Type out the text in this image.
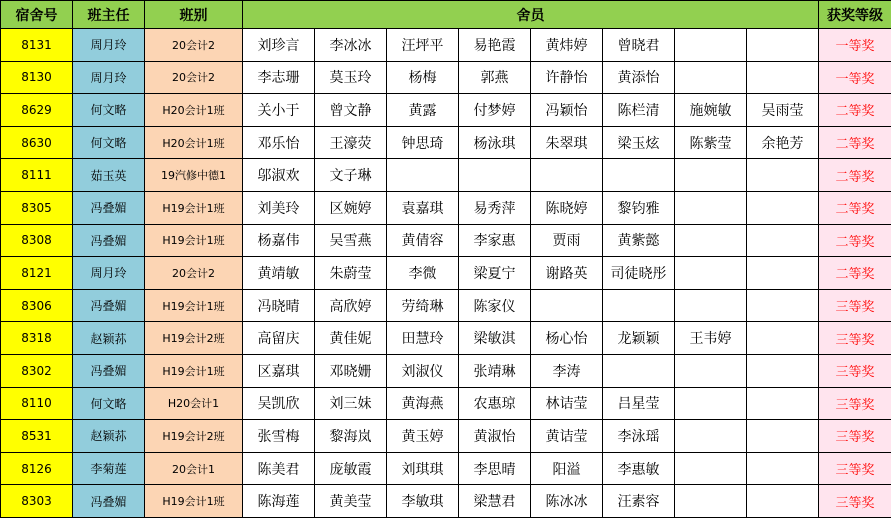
宿舍号	班主任	班别	舍员								获奖等级
8131	周月玲	20会计2	刘珍言	李冰冰	汪坪平	易艳霞	黄炜婷	曾晓君			一等奖
8130	周月玲	20会计2	李志珊	莫玉玲	杨梅	郭燕	许静怡	黄添怡			一等奖
8629	何文略	H20会计1班	关小于	曾文静	黄露	付梦婷	冯颖怡	陈栏清	施婉敏	吴雨莹	二等奖
8630	何文略	H20会计1班	邓乐怡	王濠荧	钟思琦	杨泳琪	朱翠琪	梁玉炫	陈紫莹	余艳芳	二等奖
8111	茹玉英	19汽修中德1	邬淑欢	文子琳							二等奖
8305	冯叠媚	H19会计1班	刘美玲	区婉婷	袁嘉琪	易秀萍	陈晓婷	黎钧雅			二等奖
8308	冯叠媚	H19会计1班	杨嘉伟	吴雪燕	黄倩容	李家惠	贾雨	黄紫懿			二等奖
8121	周月玲	20会计2	黄靖敏	朱蔚莹	李微	梁夏宁	谢路英	司徒晓彤			二等奖
8306	冯叠媚	H19会计1班	冯晓晴	高欣婷	劳绮琳	陈家仪					三等奖
8318	赵颖荪	H19会计2班	高留庆	黄佳妮	田慧玲	梁敏淇	杨心怡	龙颖颖	王韦婷		三等奖
8302	冯叠媚	H19会计1班	区嘉琪	邓晓姗	刘淑仪	张靖琳	李涛				三等奖
8110	何文略	H20会计1	吴凯欣	刘三妹	黄海燕	农惠琼	林诘莹	吕星莹			三等奖
8531	赵颖荪	H19会计2班	张雪梅	黎海岚	黄玉婷	黄淑怡	黄诘莹	李泳瑶			三等奖
8126	李菊莲	20会计1	陈美君	庞敏霞	刘琪琪	李思晴	阳溢	李惠敏			三等奖
8303	冯叠媚	H19会计1班	陈海莲	黄美莹	李敏琪	梁慧君	陈冰冰	汪素容			三等奖
